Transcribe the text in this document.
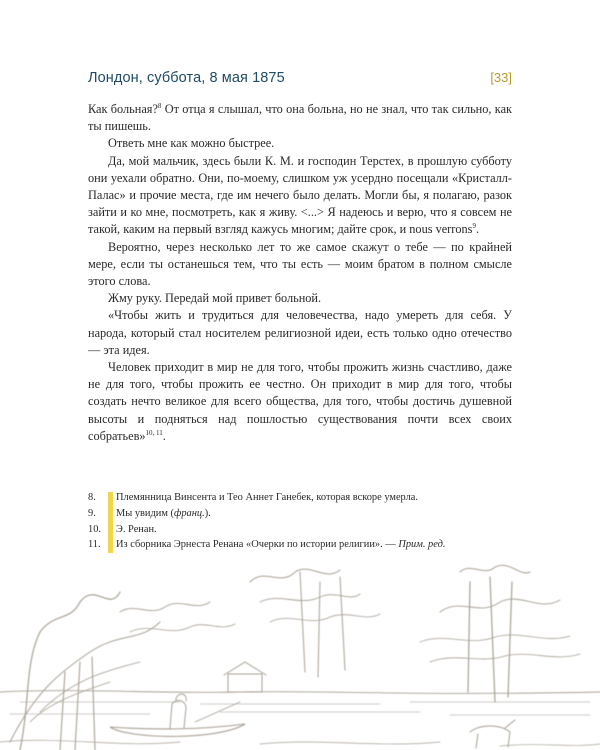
Лондон, суббота, 8 мая 1875	[33]

Как больная?$^8$ От отца я слышал, что она больна, но не знал, что так сильно, как ты пишешь.

Ответь мне как можно быстрее.

Да, мой мальчик, здесь были К. М. и господин Терстех, в прошлую субботу они уехали обратно. Они, по-моему, слишком уж усердно посещали «Кристалл-Палас» и прочие места, где им нечего было делать. Могли бы, я полагаю, разок зайти и ко мне, посмотреть, как я живу. <...> Я надеюсь и верю, что я совсем не такой, каким на первый взгляд кажусь многим; дайте срок, и nous verrons$^9$.

Вероятно, через несколько лет то же самое скажут о тебе — по крайней мере, если ты останешься тем, что ты есть — моим братом в полном смысле этого слова.

Жму руку. Передай мой привет больной.

«Чтобы жить и трудиться для человечества, надо умереть для себя. У народа, который стал носителем религиозной идеи, есть только одно отечество — эта идея.

Человек приходит в мир не для того, чтобы прожить жизнь счастливо, даже не для того, чтобы прожить ее честно. Он приходит в мир для того, чтобы создать нечто великое для всего общества, для того, чтобы достичь душевной высоты и подняться над пошлостью существования почти всех своих собратьев»$^{10, 11}$.

8.	Племянница Винсента и Тео Аннет Ганебек, которая вскоре умерла.
9.	Мы увидим (франц.).
10.	Э. Ренан.
11.	Из сборника Эрнеста Ренана «Очерки по истории религии». — Прим. ред.
